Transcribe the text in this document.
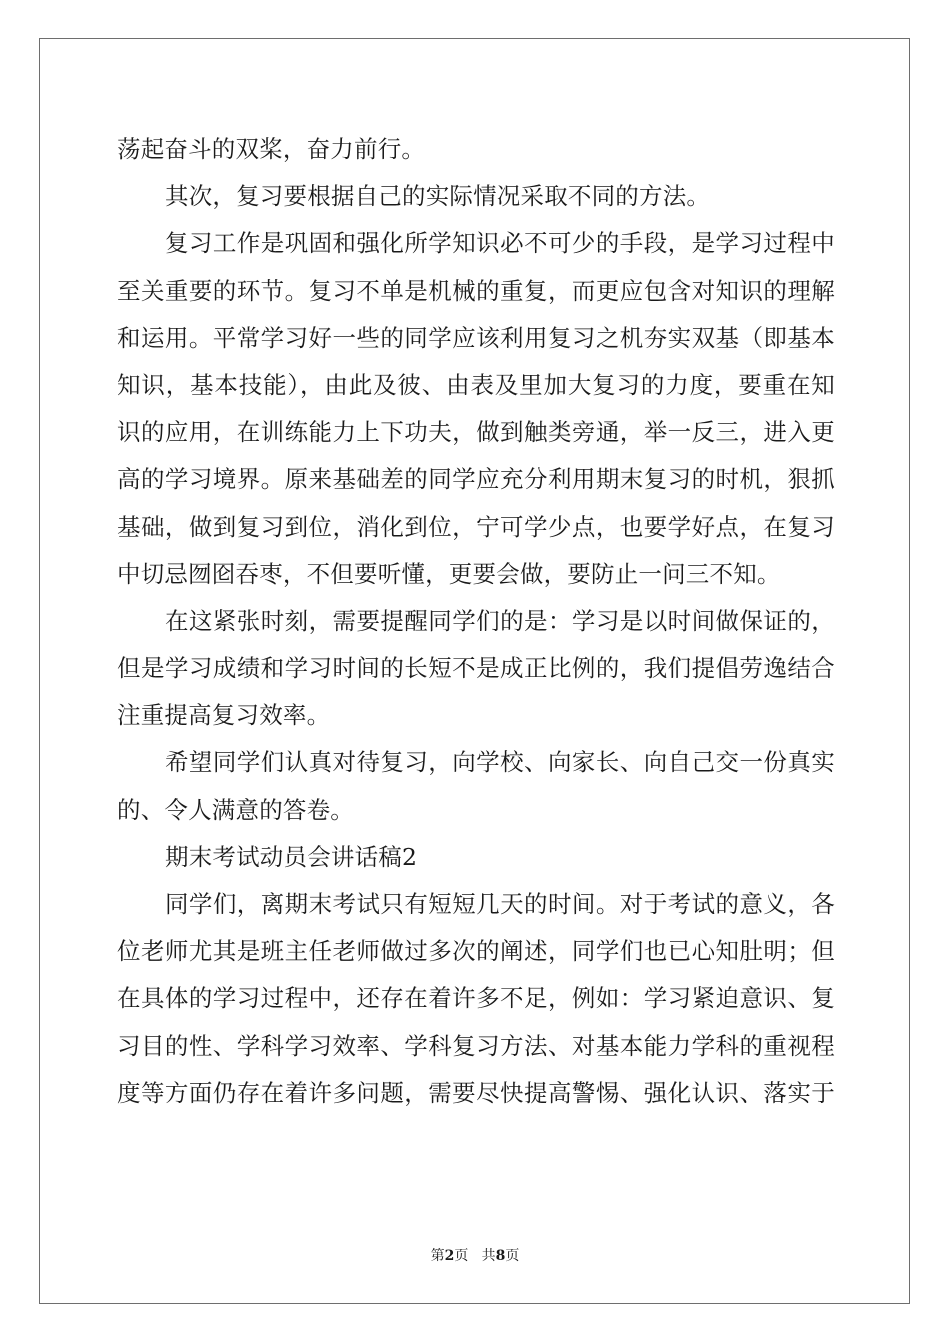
荡起奋斗的双桨，奋力前行。
其次，复习要根据自己的实际情况采取不同的方法。
复习工作是巩固和强化所学知识必不可少的手段，是学习过程中
至关重要的环节。复习不单是机械的重复，而更应包含对知识的理解
和运用。平常学习好一些的同学应该利用复习之机夯实双基（即基本
知识，基本技能），由此及彼、由表及里加大复习的力度，要重在知
识的应用，在训练能力上下功夫，做到触类旁通，举一反三，进入更
高的学习境界。原来基础差的同学应充分利用期末复习的时机，狠抓
基础，做到复习到位，消化到位，宁可学少点，也要学好点，在复习
中切忌囫囵吞枣，不但要听懂，更要会做，要防止一问三不知。
在这紧张时刻，需要提醒同学们的是：学习是以时间做保证的，
但是学习成绩和学习时间的长短不是成正比例的，我们提倡劳逸结合
注重提高复习效率。
希望同学们认真对待复习，向学校、向家长、向自己交一份真实
的、令人满意的答卷。
期末考试动员会讲话稿2
同学们，离期末考试只有短短几天的时间。对于考试的意义，各
位老师尤其是班主任老师做过多次的阐述，同学们也已心知肚明；但
在具体的学习过程中，还存在着许多不足，例如：学习紧迫意识、复
习目的性、学科学习效率、学科复习方法、对基本能力学科的重视程
度等方面仍存在着许多问题，需要尽快提高警惕、强化认识、落实于
第2页 共8页
